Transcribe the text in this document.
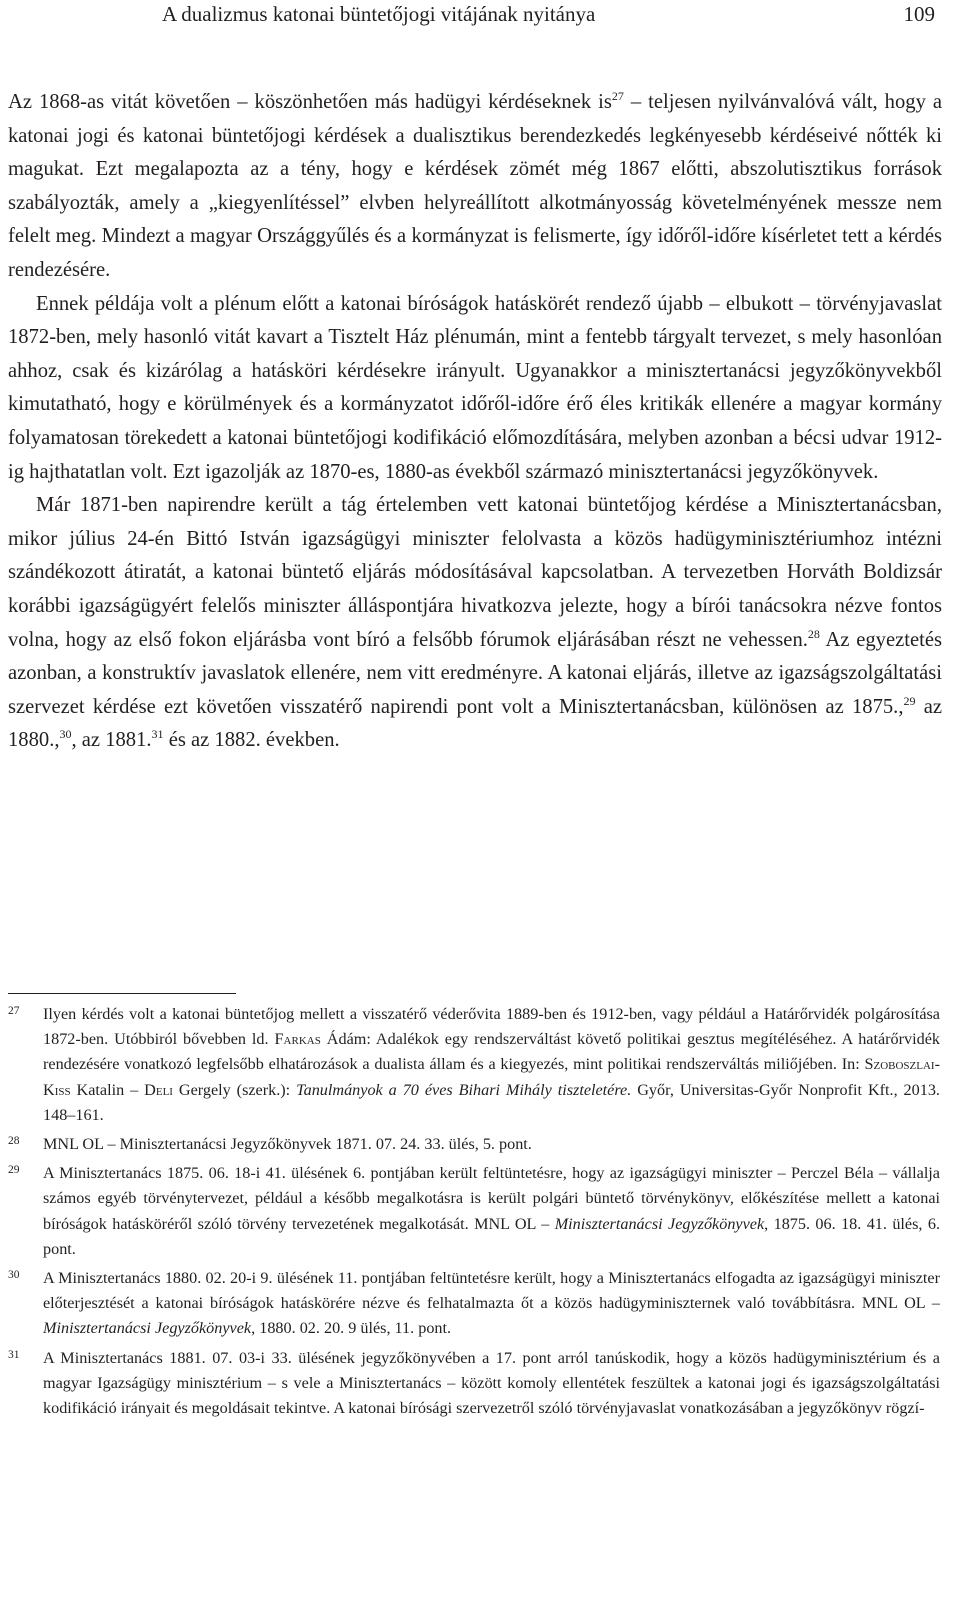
A dualizmus katonai büntetőjogi vitájának nyitánya	109

Az 1868-as vitát követően – köszönhetően más hadügyi kérdéseknek $is^{27}$ – teljesen nyilvánvalóvá vált, hogy a katonai jogi és katonai büntetőjogi kérdések a dualisztikus berendezkedés legkényesebb kérdéseivé nőtték ki magukat. Ezt megalapozta az a tény, hogy e kérdések zömét még 1867 előtti, abszolutisztikus források szabályozták, amely a „kiegyenlítéssel” elvben helyreállított alkotmányosság követelményének messze nem felelt meg. Mindezt a magyar Országgyűlés és a kormányzat is felismerte, így időről-időre kísérletet tett a kérdés rendezésére.

Ennek példája volt a plénum előtt a katonai bíróságok hatáskörét rendező újabb – elbukott – törvényjavaslat 1872-ben, mely hasonló vitát kavart a Tisztelt Ház plénumán, mint a fentebb tárgyalt tervezet, s mely hasonlóan ahhoz, csak és kizárólag a hatásköri kérdésekre irányult. Ugyanakkor a minisztertanácsi jegyzőkönyvekből kimutatható, hogy e körülmények és a kormányzatot időről-időre érő éles kritikák ellenére a magyar kormány folyamatosan törekedett a katonai büntetőjogi kodifikáció előmozdítására, melyben azonban a bécsi udvar 1912-ig hajthatatlan volt. Ezt igazolják az 1870-es, 1880-as évekből származó minisztertanácsi jegyzőkönyvek.

Már 1871-ben napirendre került a tág értelemben vett katonai büntetőjog kérdése a Minisztertanácsban, mikor július 24-én Bittó István igazságügyi miniszter felolvasta a közös hadügyminisztériumhoz intézni szándékozott átiratát, a katonai büntető eljárás módosításával kapcsolatban. A tervezetben Horváth Boldizsár korábbi igazságügyért felelős miniszter álláspontjára hivatkozva jelezte, hogy a bírói tanácsokra nézve fontos volna, hogy az első fokon eljárásba vont bíró a felsőbb fórumok eljárásában részt ne vehessen.$^{28}$ Az egyeztetés azonban, a konstruktív javaslatok ellenére, nem vitt eredményre. A katonai eljárás, illetve az igazságszolgáltatási szervezet kérdése ezt követően visszatérő napirendi pont volt a Minisztertanácsban, különösen az 1875.,$^{29}$ az 1880.,$^{30}$, az 1881.31 és az 1882. években.

27 Ilyen kérdés volt a katonai büntetőjog mellett a visszatérő véderővita 1889-ben és 1912-ben, vagy például a Határőrvidék polgárosítása 1872-ben. Utóbbiról bővebben ld. Farkas Ádám: Adalékok egy rendszerváltást követő politikai gesztus megítéléséhez. A határőrvidék rendezésére vonatkozó legfelsőbb elhatározások a dualista állam és a kiegyezés, mint politikai rendszerváltás miliőjében. In: Szoboszlai-Kiss Katalin – Deli Gergely (szerk.): Tanulmányok a 70 éves Bihari Mihály tiszteletére. Győr, Universitas-Győr Nonprofit Kft., 2013. 148–161.
28 MNL OL – Minisztertanácsi Jegyzőkönyvek 1871. 07. 24. 33. ülés, 5. pont.
29 A Minisztertanács 1875. 06. 18-i 41. ülésének 6. pontjában került feltüntetésre, hogy az igazságügyi miniszter – Perczel Béla – vállalja számos egyéb törvénytervezet, például a később megalkotásra is került polgári büntető törvénykönyv, előkészítése mellett a katonai bíróságok hatásköréről szóló törvény tervezetének megalkotását. MNL OL – Minisztertanácsi Jegyzőkönyvek, 1875. 06. 18. 41. ülés, 6. pont.
30 A Minisztertanács 1880. 02. 20-i 9. ülésének 11. pontjában feltüntetésre került, hogy a Minisztertanács elfogadta az igazságügyi miniszter előterjesztését a katonai bíróságok hatáskörére nézve és felhatalmazta őt a közös hadügyminiszternek való továbbításra. MNL OL – Minisztertanácsi Jegyzőkönyvek, 1880. 02. 20. 9 ülés, 11. pont.
31 A Minisztertanács 1881. 07. 03-i 33. ülésének jegyzőkönyvében a 17. pont arról tanúskodik, hogy a közös hadügyminisztérium és a magyar Igazságügy minisztérium – s vele a Minisztertanács – között komoly ellentétek feszültek a katonai jogi és igazságszolgáltatási kodifikáció irányait és megoldásait tekintve. A katonai bírósági szervezetről szóló törvényjavaslat vonatkozásában a jegyzőkönyv rögzí-
